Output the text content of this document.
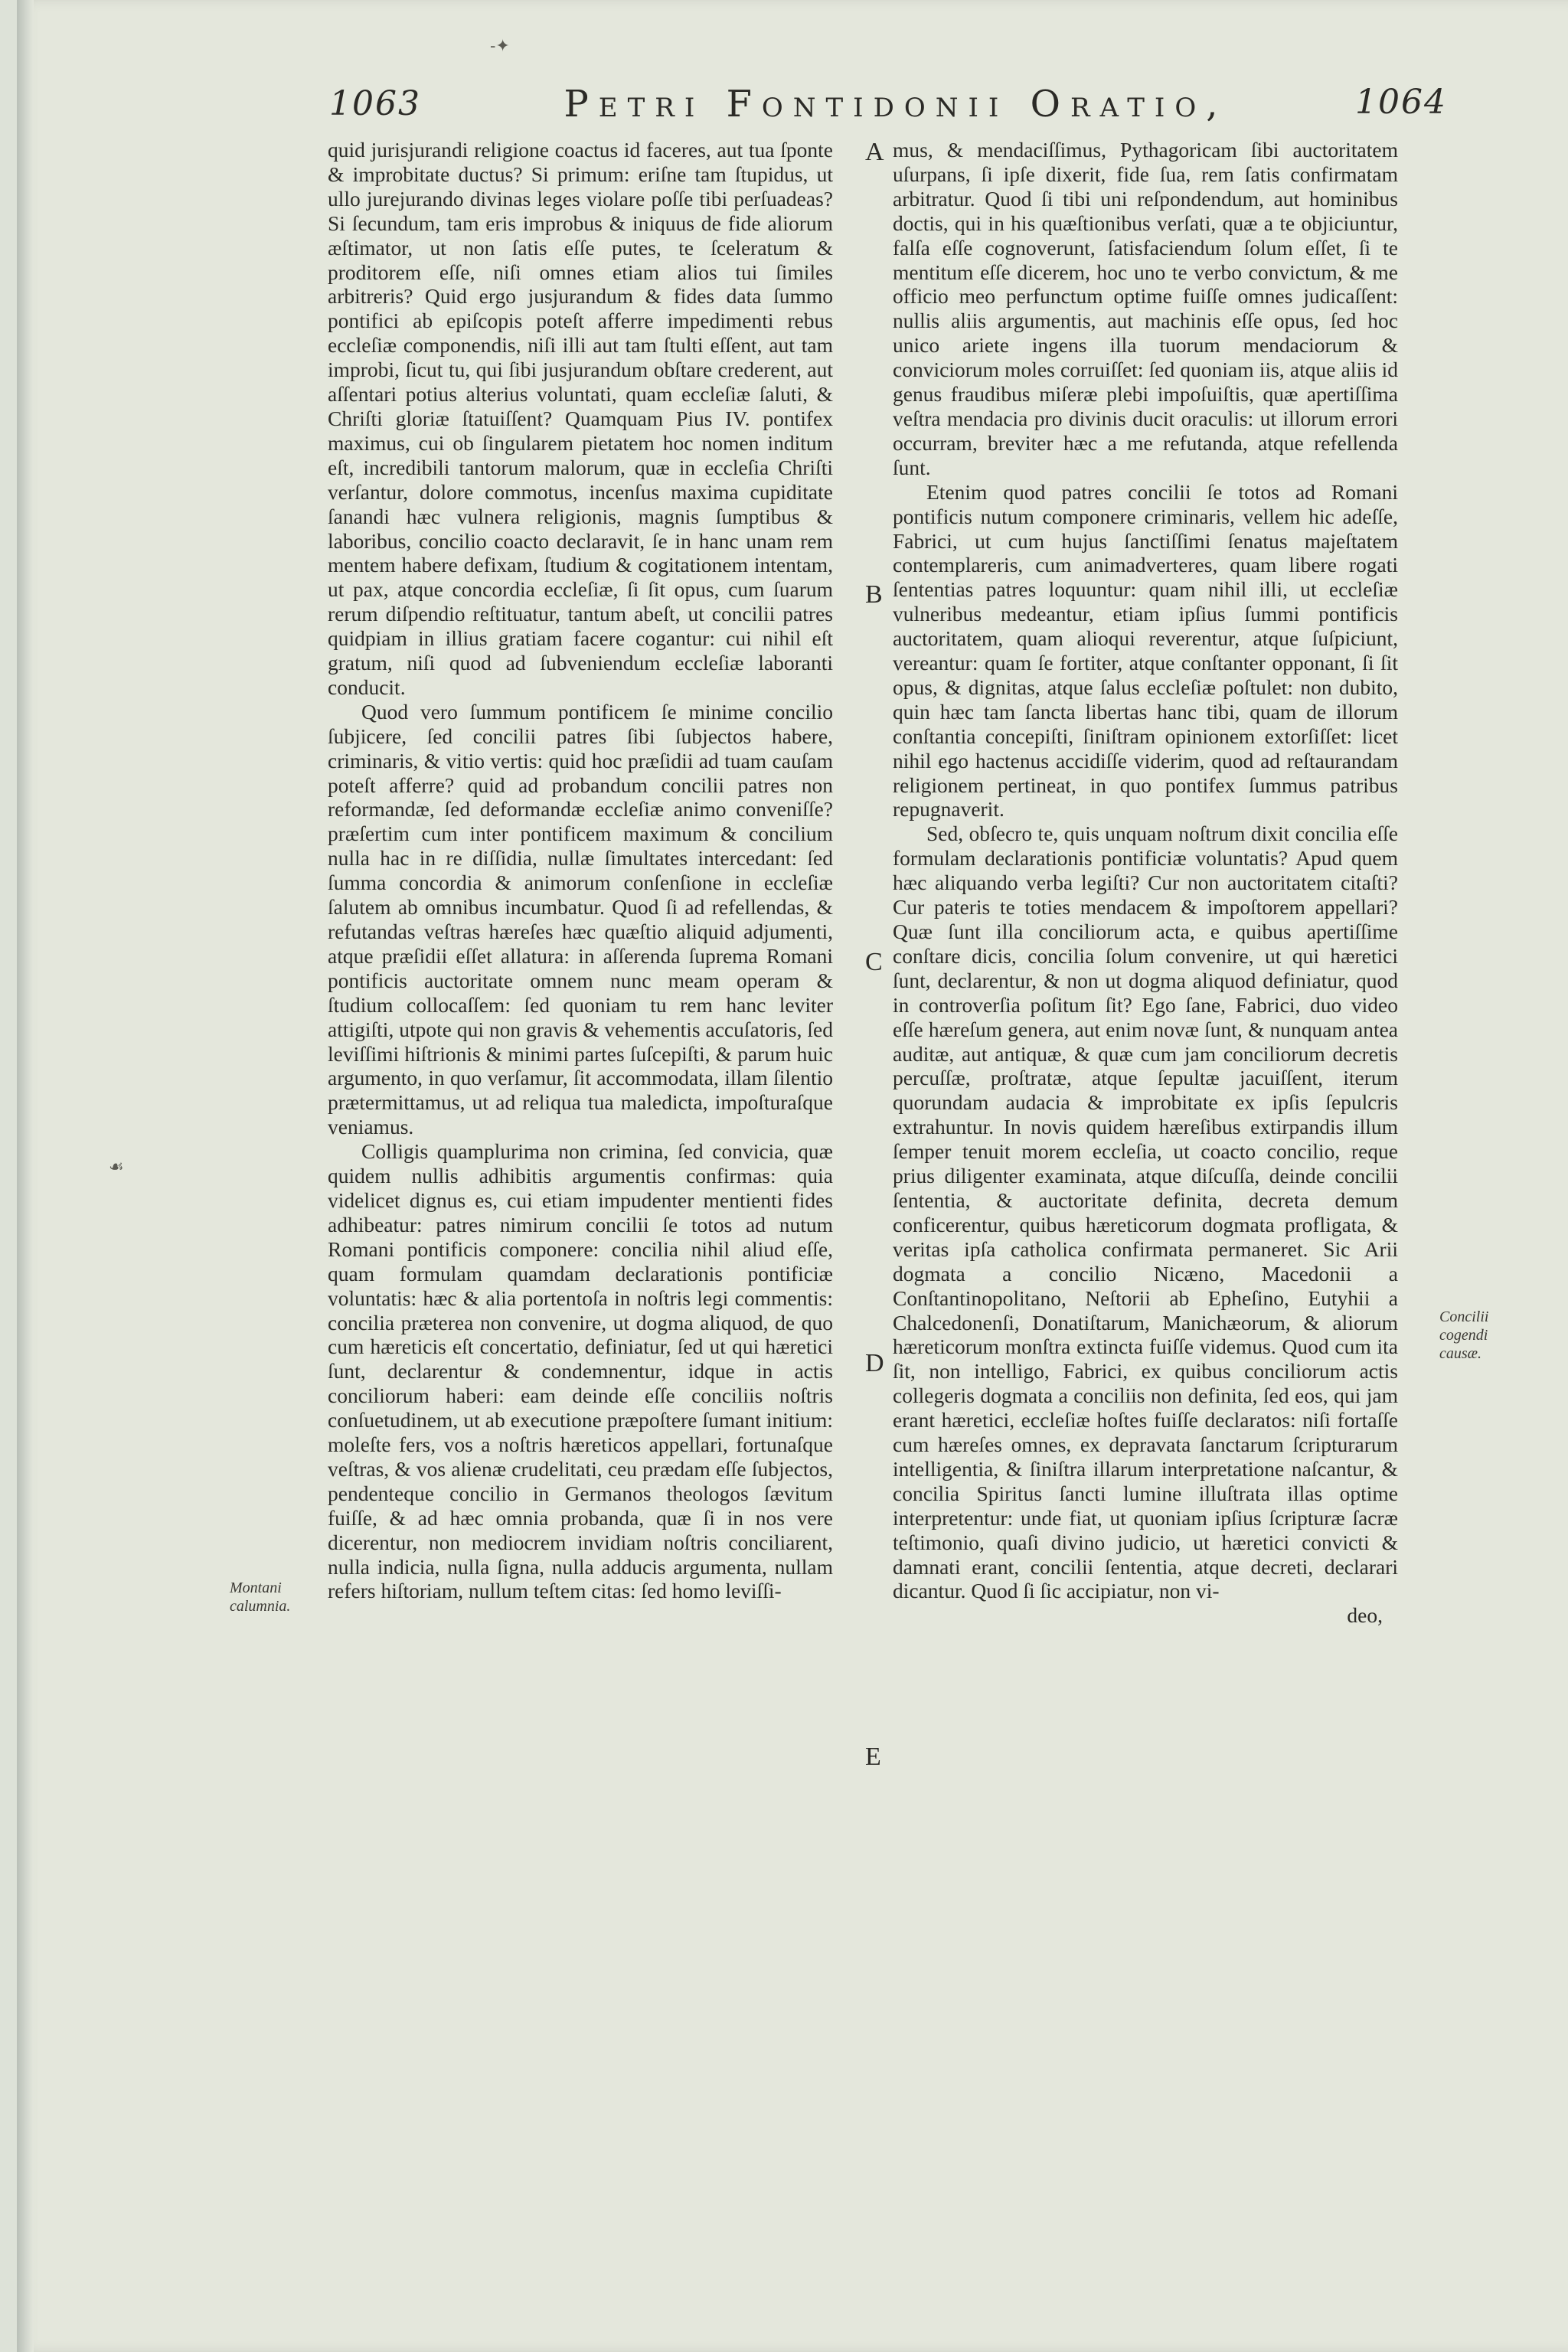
-✦
1063	Petri Fontidonii Oratio,	1064

quid jurisjurandi religione coactus id faceres, aut tua ſponte & improbitate ductus? Si primum: eriſne tam ſtupidus, ut ullo jurejurando divinas leges violare poſſe tibi perſuadeas? Si ſecundum, tam eris improbus & iniquus de fide aliorum æſtimator, ut non ſatis eſſe putes, te ſceleratum & proditorem eſſe, niſi omnes etiam alios tui ſimiles arbitreris? Quid ergo jusjurandum & fides data ſummo pontifici ab epiſcopis poteſt afferre impedimenti rebus eccleſiæ componendis, niſi illi aut tam ſtulti eſſent, aut tam improbi, ſicut tu, qui ſibi jusjurandum obſtare crederent, aut aſſentari potius alterius voluntati, quam eccleſiæ ſaluti, & Chriſti gloriæ ſtatuiſſent? Quamquam Pius IV. pontifex maximus, cui ob ſingularem pietatem hoc nomen inditum eſt, incredibili tantorum malorum, quæ in eccleſia Chriſti verſantur, dolore commotus, incenſus maxima cupiditate ſanandi hæc vulnera religionis, magnis ſumptibus & laboribus, concilio coacto declaravit, ſe in hanc unam rem mentem habere defixam, ſtudium & cogitationem intentam, ut pax, atque concordia eccleſiæ, ſi ſit opus, cum ſuarum rerum diſpendio reſtituatur, tantum abeſt, ut concilii patres quidpiam in illius gratiam facere cogantur: cui nihil eſt gratum, niſi quod ad ſubveniendum eccleſiæ laboranti conducit.

Quod vero ſummum pontificem ſe minime concilio ſubjicere, ſed concilii patres ſibi ſubjectos habere, criminaris, & vitio vertis: quid hoc præſidii ad tuam cauſam poteſt afferre? quid ad probandum concilii patres non reformandæ, ſed deformandæ eccleſiæ animo conveniſſe? præſertim cum inter pontificem maximum & concilium nulla hac in re diſſidia, nullæ ſimultates intercedant: ſed ſumma concordia & animorum conſenſione in eccleſiæ ſalutem ab omnibus incumbatur. Quod ſi ad refellendas, & refutandas veſtras hæreſes hæc quæſtio aliquid adjumenti, atque præſidii eſſet allatura: in aſſerenda ſuprema Romani pontificis auctoritate omnem nunc meam operam & ſtudium collocaſſem: ſed quoniam tu rem hanc leviter attigiſti, utpote qui non gravis & vehementis accuſatoris, ſed leviſſimi hiſtrionis & minimi partes ſuſcepiſti, & parum huic argumento, in quo verſamur, ſit accommodata, illam ſilentio prætermittamus, ut ad reliqua tua maledicta, impoſturaſque veniamus.

Colligis quamplurima non crimina, ſed convicia, quæ quidem nullis adhibitis argumentis confirmas: quia videlicet dignus es, cui etiam impudenter mentienti fides adhibeatur: patres nimirum concilii ſe totos ad nutum Romani pontificis componere: concilia nihil aliud eſſe, quam formulam quamdam declarationis pontificiæ voluntatis: hæc & alia portentoſa in noſtris legi commentis: concilia præterea non convenire, ut dogma aliquod, de quo cum hæreticis eſt concertatio, definiatur, ſed ut qui hæretici ſunt, declarentur & condemnentur, idque in actis conciliorum haberi: eam deinde eſſe conciliis noſtris conſuetudinem, ut ab executione præpoſtere ſumant initium: moleſte fers, vos a noſtris hæreticos appellari, fortunaſque veſtras, & vos alienæ crudelitati, ceu prædam eſſe ſubjectos, pendenteque concilio in Germanos theologos ſævitum fuiſſe, & ad hæc omnia probanda, quæ ſi in nos vere dicerentur, non mediocrem invidiam noſtris conciliarent, nulla indicia, nulla ſigna, nulla adducis argumenta, nullam refers hiſtoriam, nullum teſtem citas: ſed homo leviſſi-

mus, & mendaciſſimus, Pythagoricam ſibi auctoritatem uſurpans, ſi ipſe dixerit, fide ſua, rem ſatis confirmatam arbitratur. Quod ſi tibi uni reſpondendum, aut hominibus doctis, qui in his quæſtionibus verſati, quæ a te objiciuntur, falſa eſſe cognoverunt, ſatisfaciendum ſolum eſſet, ſi te mentitum eſſe dicerem, hoc uno te verbo convictum, & me officio meo perfunctum optime fuiſſe omnes judicaſſent: nullis aliis argumentis, aut machinis eſſe opus, ſed hoc unico ariete ingens illa tuorum mendaciorum & conviciorum moles corruiſſet: ſed quoniam iis, atque aliis id genus fraudibus miſeræ plebi impoſuiſtis, quæ apertiſſima veſtra mendacia pro divinis ducit oraculis: ut illorum errori occurram, breviter hæc a me refutanda, atque refellenda ſunt.

Etenim quod patres concilii ſe totos ad Romani pontificis nutum componere criminaris, vellem hic adeſſe, Fabrici, ut cum hujus ſanctiſſimi ſenatus majeſtatem contemplareris, cum animadverteres, quam libere rogati ſententias patres loquuntur: quam nihil illi, ut eccleſiæ vulneribus medeantur, etiam ipſius ſummi pontificis auctoritatem, quam alioqui reverentur, atque ſuſpiciunt, vereantur: quam ſe fortiter, atque conſtanter opponant, ſi ſit opus, & dignitas, atque ſalus eccleſiæ poſtulet: non dubito, quin hæc tam ſancta libertas hanc tibi, quam de illorum conſtantia concepiſti, ſiniſtram opinionem extorſiſſet: licet nihil ego hactenus accidiſſe viderim, quod ad reſtaurandam religionem pertineat, in quo pontifex ſummus patribus repugnaverit.

Sed, obſecro te, quis unquam noſtrum dixit concilia eſſe formulam declarationis pontificiæ voluntatis? Apud quem hæc aliquando verba legiſti? Cur non auctoritatem citaſti? Cur pateris te toties mendacem & impoſtorem appellari? Quæ ſunt illa conciliorum acta, e quibus apertiſſime conſtare dicis, concilia ſolum convenire, ut qui hæretici ſunt, declarentur, & non ut dogma aliquod definiatur, quod in controverſia poſitum ſit? Ego ſane, Fabrici, duo video eſſe hæreſum genera, aut enim novæ ſunt, & nunquam antea auditæ, aut antiquæ, & quæ cum jam conciliorum decretis percuſſæ, proſtratæ, atque ſepultæ jacuiſſent, iterum quorundam audacia & improbitate ex ipſis ſepulcris extrahuntur. In novis quidem hæreſibus extirpandis illum ſemper tenuit morem eccleſia, ut coacto concilio, reque prius diligenter examinata, atque diſcuſſa, deinde concilii ſententia, & auctoritate definita, decreta demum conficerentur, quibus hæreticorum dogmata profligata, & veritas ipſa catholica confirmata permaneret. Sic Arii dogmata a concilio Nicæno, Macedonii a Conſtantinopolitano, Neſtorii ab Epheſino, Eutyhii a Chalcedonenſi, Donatiſtarum, Manichæorum, & aliorum hæreticorum monſtra extincta fuiſſe videmus. Quod cum ita ſit, non intelligo, Fabrici, ex quibus conciliorum actis collegeris dogmata a conciliis non definita, ſed eos, qui jam erant hæretici, eccleſiæ hoſtes fuiſſe declaratos: niſi fortaſſe cum hæreſes omnes, ex depravata ſanctarum ſcripturarum intelligentia, & ſiniſtra illarum interpretatione naſcantur, & concilia Spiritus ſancti lumine illuſtrata illas optime interpretentur: unde fiat, ut quoniam ipſius ſcripturæ ſacræ teſtimonio, quaſi divino judicio, ut hæretici convicti & damnati erant, concilii ſententia, atque decreti, declarari dicantur. Quod ſi ſic accipiatur, non vi-

deo,

A
B
C
D
E
Montani calumnia.
Concilii cogendi causæ.
☙
